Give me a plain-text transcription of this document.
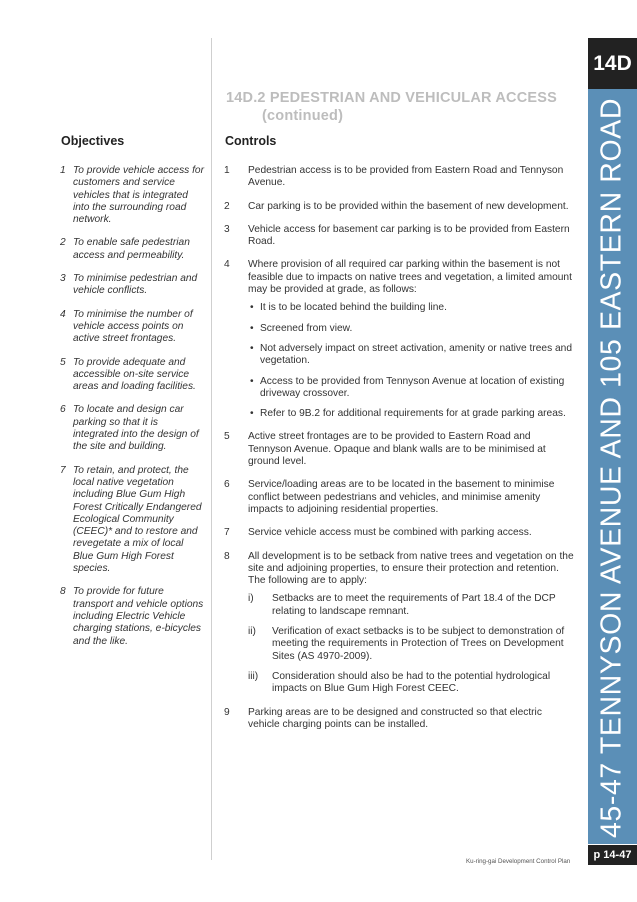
14D.2 PEDESTRIAN AND VEHICULAR ACCESS
(continued)
Objectives	Controls
1 To provide vehicle access for customers and service vehicles that is integrated into the surrounding road network.
2 To enable safe pedestrian access and permeability.
3 To minimise pedestrian and vehicle conflicts.
4 To minimise the number of vehicle access points on active street frontages.
5 To provide adequate and accessible on-site service areas and loading facilities.
6 To locate and design car parking so that it is integrated into the design of the site and building.
7 To retain, and protect, the local native vegetation including Blue Gum High Forest Critically Endangered Ecological Community (CEEC)* and to restore and revegetate a mix of local Blue Gum High Forest species.
8 To provide for future transport and vehicle options including Electric Vehicle charging stations, e-bicycles and the like.
1 Pedestrian access is to be provided from Eastern Road and Tennyson Avenue.
2 Car parking is to be provided within the basement of new development.
3 Vehicle access for basement car parking is to be provided from Eastern Road.
4 Where provision of all required car parking within the basement is not feasible due to impacts on native trees and vegetation, a limited amount may be provided at grade, as follows:
• It is to be located behind the building line.
• Screened from view.
• Not adversely impact on street activation, amenity or native trees and vegetation.
• Access to be provided from Tennyson Avenue at location of existing driveway crossover.
• Refer to 9B.2 for additional requirements for at grade parking areas.
5 Active street frontages are to be provided to Eastern Road and Tennyson Avenue. Opaque and blank walls are to be minimised at ground level.
6 Service/loading areas are to be located in the basement to minimise conflict between pedestrians and vehicles, and minimise amenity impacts to adjoining residential properties.
7 Service vehicle access must be combined with parking access.
8 All development is to be setback from native trees and vegetation on the site and adjoining properties, to ensure their protection and retention. The following are to apply:
i) Setbacks are to meet the requirements of Part 18.4 of the DCP relating to landscape remnant.
ii) Verification of exact setbacks is to be subject to demonstration of meeting the requirements in Protection of Trees on Development Sites (AS 4970-2009).
iii) Consideration should also be had to the potential hydrological impacts on Blue Gum High Forest CEEC.
9 Parking areas are to be designed and constructed so that electric vehicle charging points can be installed.
14D
45-47 TENNYSON AVENUE AND 105 EASTERN ROAD
p 14-47
Ku-ring-gai Development Control Plan
